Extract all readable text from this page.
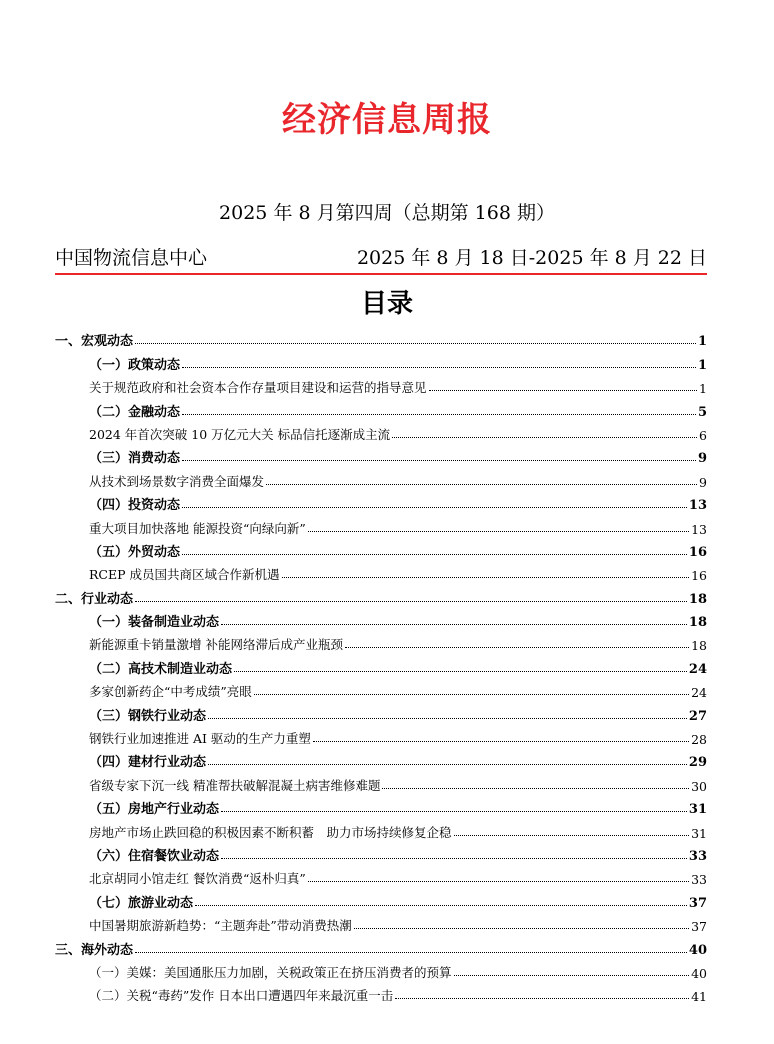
经济信息周报
2025 年 8 月第四周（总期第 168 期）
中国物流信息中心	2025 年 8 月 18 日-2025 年 8 月 22 日
目录
一、宏观动态	1
（一）政策动态	1
关于规范政府和社会资本合作存量项目建设和运营的指导意见	1
（二）金融动态	5
2024 年首次突破 10 万亿元大关 标品信托逐渐成主流	6
（三）消费动态	9
从技术到场景数字消费全面爆发	9
（四）投资动态	13
重大项目加快落地 能源投资“向绿向新”	13
（五）外贸动态	16
RCEP 成员国共商区域合作新机遇	16
二、行业动态	18
（一）装备制造业动态	18
新能源重卡销量激增 补能网络滞后成产业瓶颈	18
（二）高技术制造业动态	24
多家创新药企“中考成绩”亮眼	24
（三）钢铁行业动态	27
钢铁行业加速推进 AI 驱动的生产力重塑	28
（四）建材行业动态	29
省级专家下沉一线 精准帮扶破解混凝土病害维修难题	30
（五）房地产行业动态	31
房地产市场止跌回稳的积极因素不断积蓄　助力市场持续修复企稳	31
（六）住宿餐饮业动态	33
北京胡同小馆走红 餐饮消费“返朴归真”	33
（七）旅游业动态	37
中国暑期旅游新趋势：“主题奔赴”带动消费热潮	37
三、海外动态	40
（一）美媒：美国通胀压力加剧，关税政策正在挤压消费者的预算	40
（二）关税“毒药”发作 日本出口遭遇四年来最沉重一击	41
